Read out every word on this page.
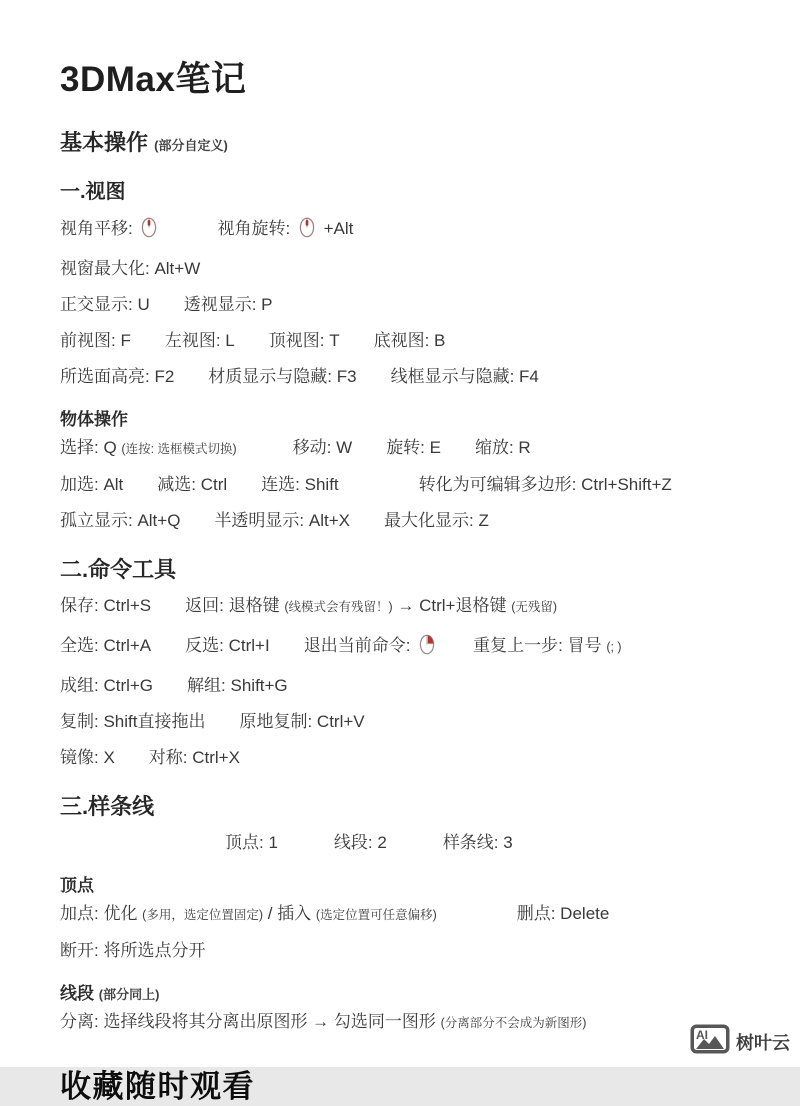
3DMax笔记
基本操作 (部分自定义)
一.视图
视角平移:	视角旋转:  +Alt
视窗最大化: Alt+W
正交显示: U 透视显示: P
前视图: F 左视图: L 顶视图: T 底视图: B
所选面高亮: F2 材质显示与隐藏: F3 线框显示与隐藏: F4
物体操作
选择: Q (连按: 选框模式切换)	移动: W 旋转: E 缩放: R
加选: Alt 减选: Ctrl 连选: Shift	转化为可编辑多边形: Ctrl+Shift+Z
孤立显示: Alt+Q 半透明显示: Alt+X 最大化显示: Z
二.命令工具
保存: Ctrl+S 返回: 退格键 (线模式会有残留！) → Ctrl+退格键 (无残留)
全选: Ctrl+A 反选: Ctrl+I 退出当前命令:	重复上一步: 冒号 (; )
成组: Ctrl+G 解组: Shift+G
复制: Shift直接拖出 原地复制: Ctrl+V
镜像: X 对称: Ctrl+X
三.样条线
顶点: 1	线段: 2	样条线: 3
顶点
加点: 优化 (多用，选定位置固定) / 插入 (选定位置可任意偏移)	删点: Delete
断开: 将所选点分开
线段 (部分同上)
分离: 选择线段将其分离出原图形 → 勾选同一图形 (分离部分不会成为新图形)
收藏随时观看
AI 树叶云
